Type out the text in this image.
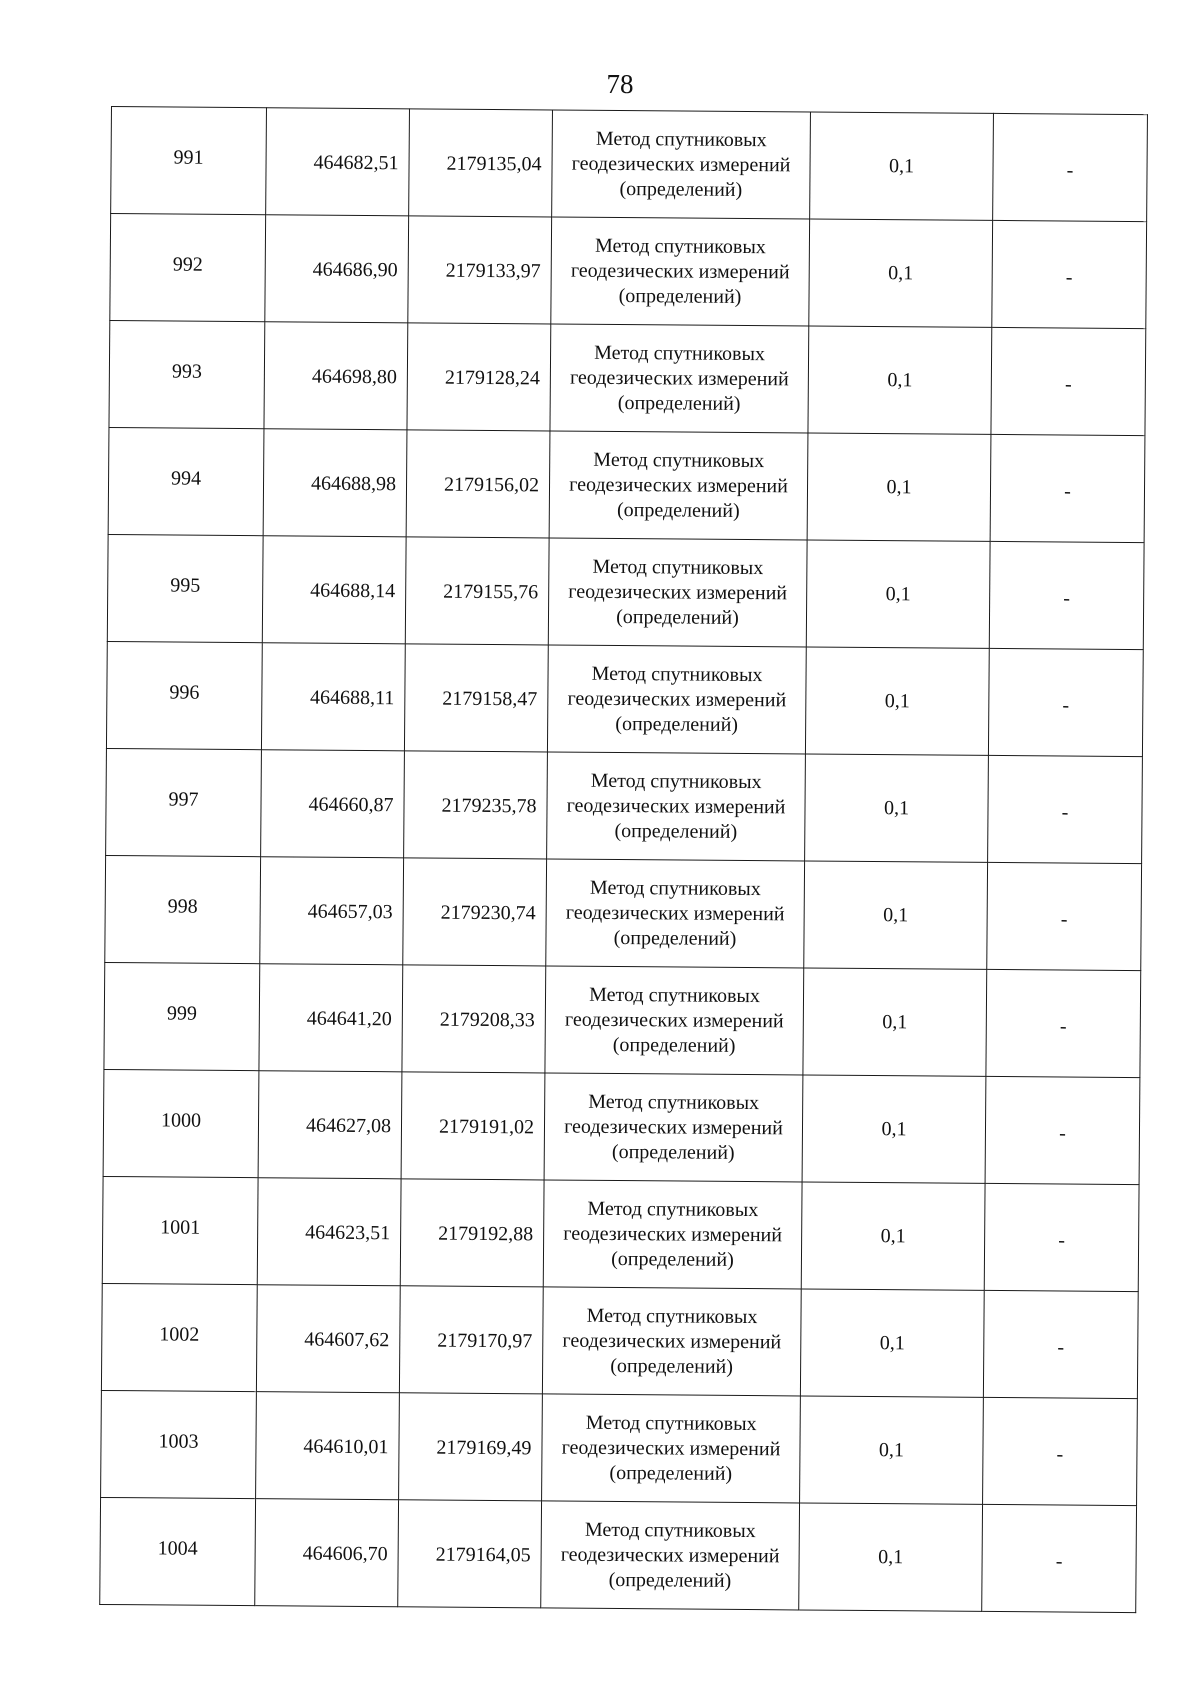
78
991	464682,51	2179135,04	Метод спутниковых
геодезических измерений
(определений)	0,1	-
992	464686,90	2179133,97	Метод спутниковых
геодезических измерений
(определений)	0,1	-
993	464698,80	2179128,24	Метод спутниковых
геодезических измерений
(определений)	0,1	-
994	464688,98	2179156,02	Метод спутниковых
геодезических измерений
(определений)	0,1	-
995	464688,14	2179155,76	Метод спутниковых
геодезических измерений
(определений)	0,1	-
996	464688,11	2179158,47	Метод спутниковых
геодезических измерений
(определений)	0,1	-
997	464660,87	2179235,78	Метод спутниковых
геодезических измерений
(определений)	0,1	-
998	464657,03	2179230,74	Метод спутниковых
геодезических измерений
(определений)	0,1	-
999	464641,20	2179208,33	Метод спутниковых
геодезических измерений
(определений)	0,1	-
1000	464627,08	2179191,02	Метод спутниковых
геодезических измерений
(определений)	0,1	-
1001	464623,51	2179192,88	Метод спутниковых
геодезических измерений
(определений)	0,1	-
1002	464607,62	2179170,97	Метод спутниковых
геодезических измерений
(определений)	0,1	-
1003	464610,01	2179169,49	Метод спутниковых
геодезических измерений
(определений)	0,1	-
1004	464606,70	2179164,05	Метод спутниковых
геодезических измерений
(определений)	0,1	-
